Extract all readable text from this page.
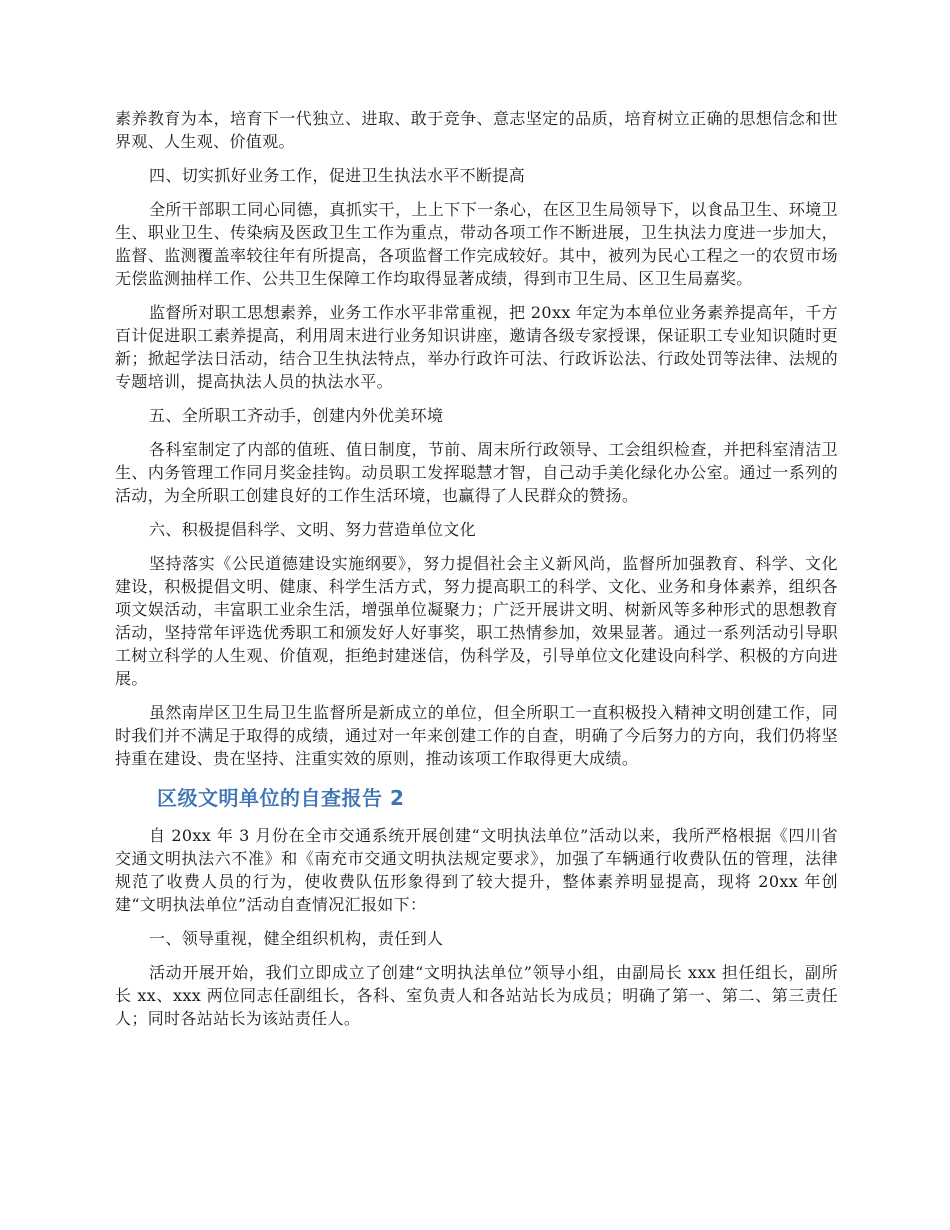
素养教育为本，培育下一代独立、进取、敢于竞争、意志坚定的品质，培育树立正确的思想信念和世界观、人生观、价值观。

四、切实抓好业务工作，促进卫生执法水平不断提高

全所干部职工同心同德，真抓实干，上上下下一条心，在区卫生局领导下，以食品卫生、环境卫生、职业卫生、传染病及医政卫生工作为重点，带动各项工作不断进展，卫生执法力度进一步加大，监督、监测覆盖率较往年有所提高，各项监督工作完成较好。其中，被列为民心工程之一的农贸市场无偿监测抽样工作、公共卫生保障工作均取得显著成绩，得到市卫生局、区卫生局嘉奖。

监督所对职工思想素养，业务工作水平非常重视，把 20xx 年定为本单位业务素养提高年，千方百计促进职工素养提高，利用周末进行业务知识讲座，邀请各级专家授课，保证职工专业知识随时更新；掀起学法日活动，结合卫生执法特点，举办行政许可法、行政诉讼法、行政处罚等法律、法规的专题培训，提高执法人员的执法水平。

五、全所职工齐动手，创建内外优美环境

各科室制定了内部的值班、值日制度，节前、周末所行政领导、工会组织检查，并把科室清洁卫生、内务管理工作同月奖金挂钩。动员职工发挥聪慧才智，自己动手美化绿化办公室。通过一系列的活动，为全所职工创建良好的工作生活环境，也赢得了人民群众的赞扬。

六、积极提倡科学、文明、努力营造单位文化

坚持落实《公民道德建设实施纲要》，努力提倡社会主义新风尚，监督所加强教育、科学、文化建设，积极提倡文明、健康、科学生活方式，努力提高职工的科学、文化、业务和身体素养，组织各项文娱活动，丰富职工业余生活，增强单位凝聚力；广泛开展讲文明、树新风等多种形式的思想教育活动，坚持常年评选优秀职工和颁发好人好事奖，职工热情参加，效果显著。通过一系列活动引导职工树立科学的人生观、价值观，拒绝封建迷信，伪科学及，引导单位文化建设向科学、积极的方向进展。

虽然南岸区卫生局卫生监督所是新成立的单位，但全所职工一直积极投入精神文明创建工作，同时我们并不满足于取得的成绩，通过对一年来创建工作的自查，明确了今后努力的方向，我们仍将坚持重在建设、贵在坚持、注重实效的原则，推动该项工作取得更大成绩。

区级文明单位的自查报告 2

自 20xx 年 3 月份在全市交通系统开展创建“文明执法单位”活动以来，我所严格根据《四川省交通文明执法六不准》和《南充市交通文明执法规定要求》，加强了车辆通行收费队伍的管理，法律规范了收费人员的行为，使收费队伍形象得到了较大提升，整体素养明显提高，现将 20xx 年创建“文明执法单位”活动自查情况汇报如下：

一、领导重视，健全组织机构，责任到人

活动开展开始，我们立即成立了创建“文明执法单位”领导小组，由副局长 xxx 担任组长，副所长 xx、xxx 两位同志任副组长，各科、室负责人和各站站长为成员；明确了第一、第二、第三责任人；同时各站站长为该站责任人。
